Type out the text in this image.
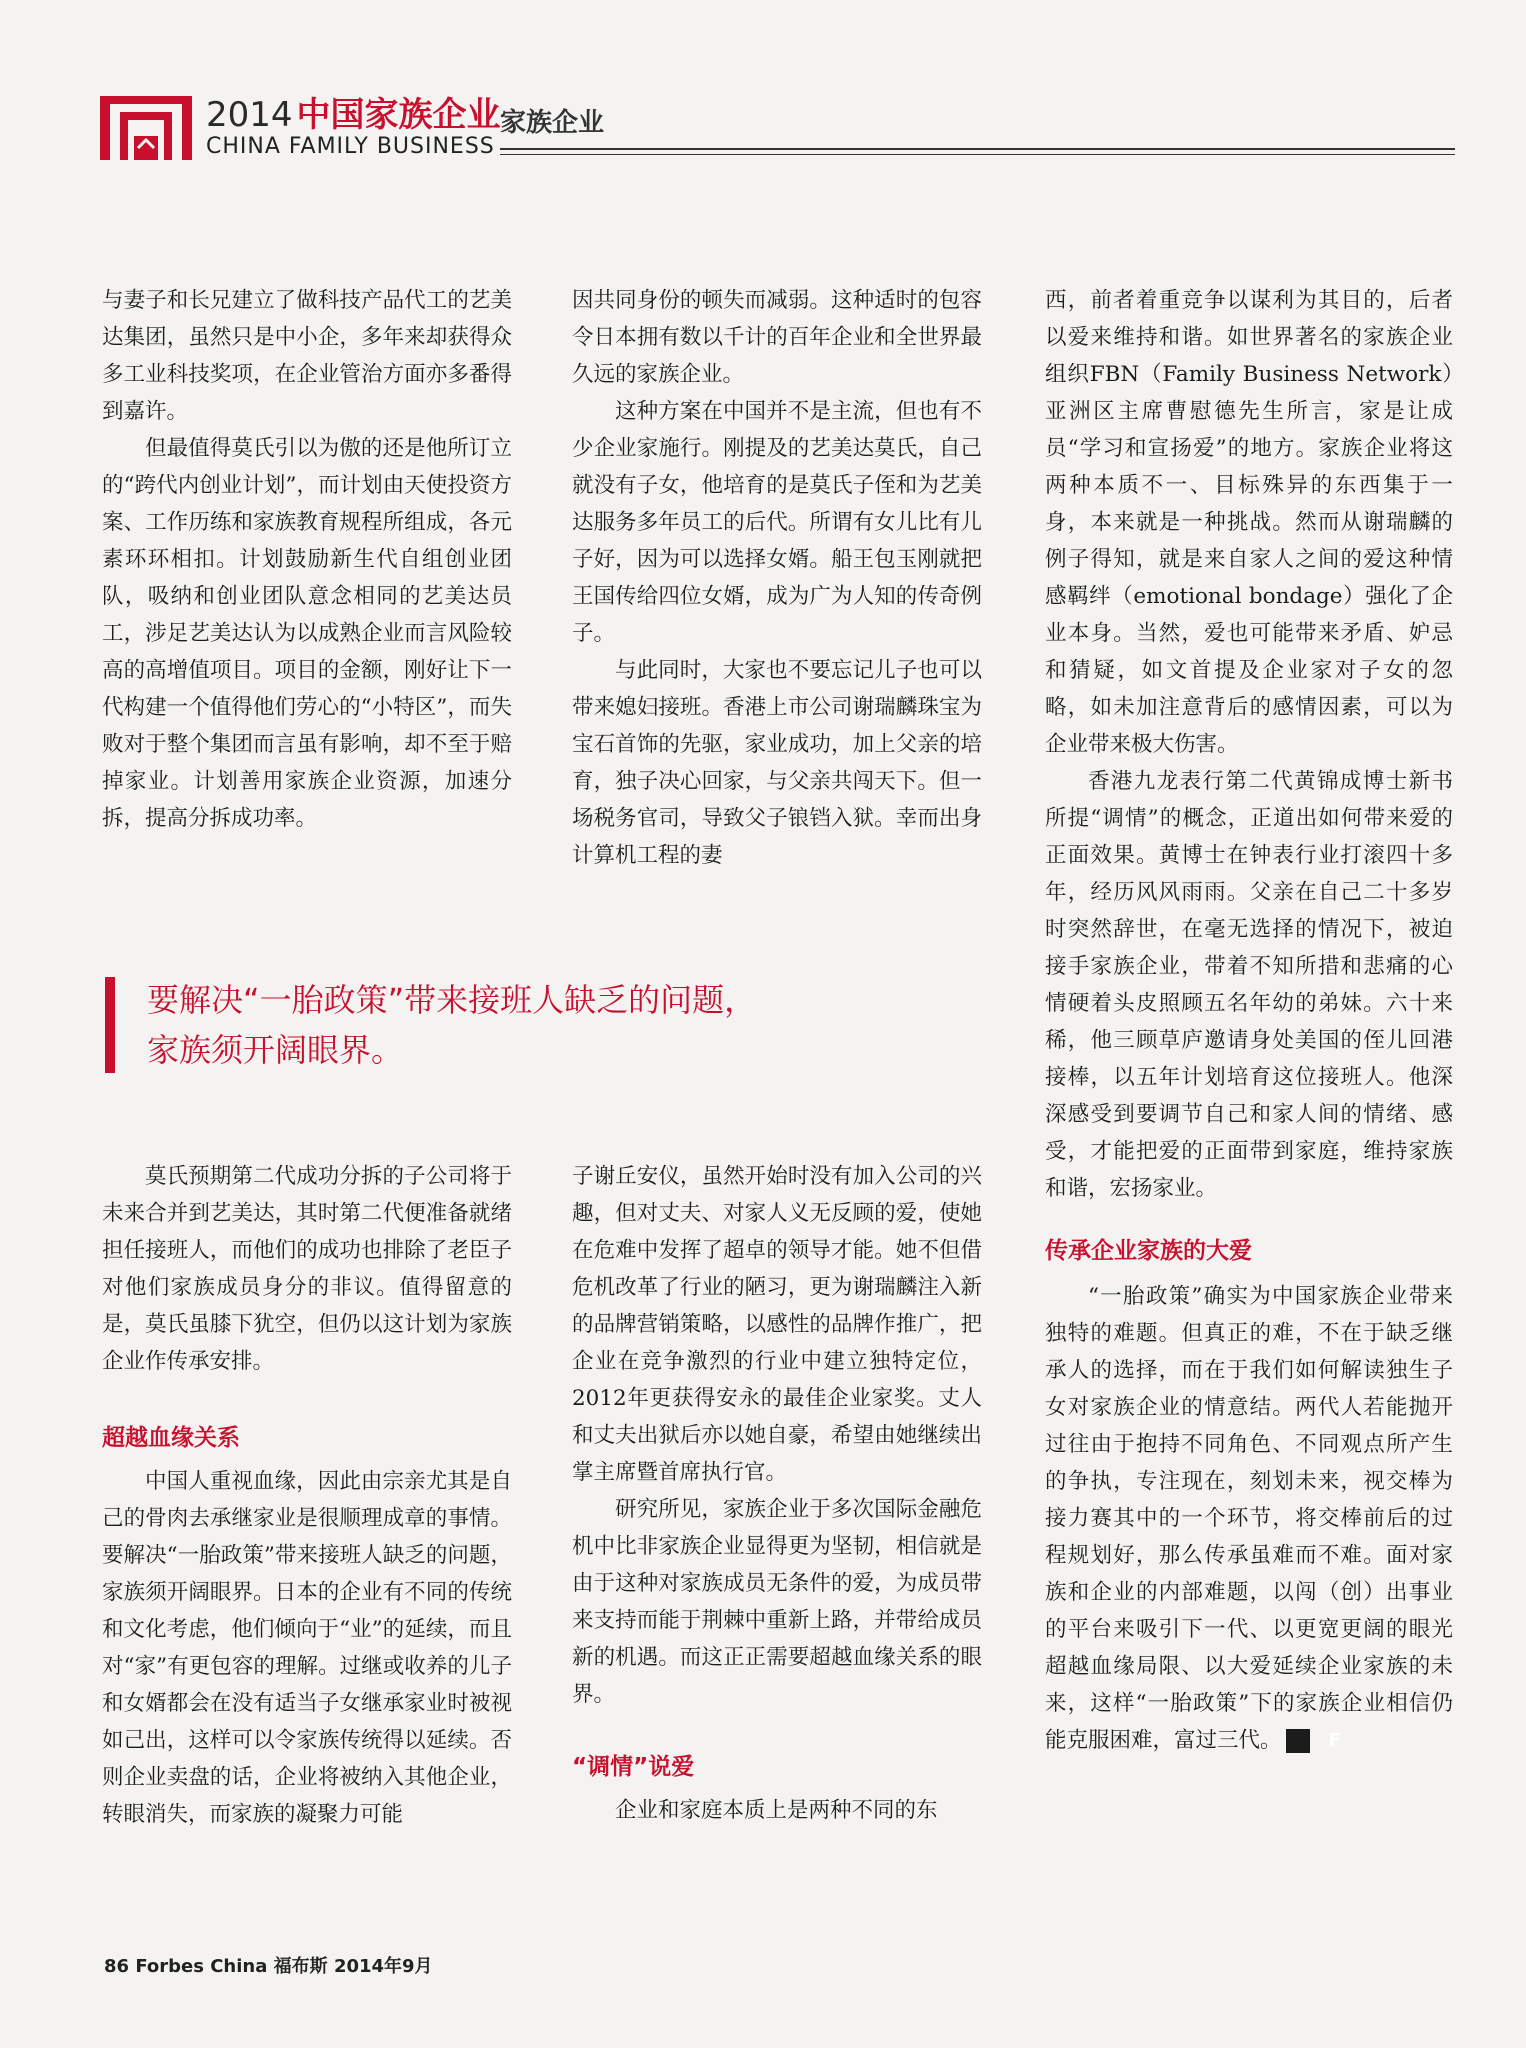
2014 中国家族企业
CHINA FAMILY BUSINESS
家族企业

与妻子和长兄建立了做科技产品代工的艺美达集团，虽然只是中小企，多年来却获得众多工业科技奖项，在企业管治方面亦多番得到嘉许。

但最值得莫氏引以为傲的还是他所订立的“跨代内创业计划”，而计划由天使投资方案、工作历练和家族教育规程所组成，各元素环环相扣。计划鼓励新生代自组创业团队，吸纳和创业团队意念相同的艺美达员工，涉足艺美达认为以成熟企业而言风险较高的高增值项目。项目的金额，刚好让下一代构建一个值得他们劳心的“小特区”，而失败对于整个集团而言虽有影响，却不至于赔掉家业。计划善用家族企业资源，加速分拆，提高分拆成功率。

因共同身份的顿失而减弱。这种适时的包容令日本拥有数以千计的百年企业和全世界最久远的家族企业。

这种方案在中国并不是主流，但也有不少企业家施行。刚提及的艺美达莫氏，自己就没有子女，他培育的是莫氏子侄和为艺美达服务多年员工的后代。所谓有女儿比有儿子好，因为可以选择女婿。船王包玉刚就把王国传给四位女婿，成为广为人知的传奇例子。

与此同时，大家也不要忘记儿子也可以带来媳妇接班。香港上市公司谢瑞麟珠宝为宝石首饰的先驱，家业成功，加上父亲的培育，独子决心回家，与父亲共闯天下。但一场税务官司，导致父子锒铛入狱。幸而出身计算机工程的妻

西，前者着重竞争以谋利为其目的，后者以爱来维持和谐。如世界著名的家族企业组织FBN（Family Business Network）亚洲区主席曹慰德先生所言，家是让成员“学习和宣扬爱”的地方。家族企业将这两种本质不一、目标殊异的东西集于一身，本来就是一种挑战。然而从谢瑞麟的例子得知，就是来自家人之间的爱这种情感羁绊（emotional bondage）强化了企业本身。当然，爱也可能带来矛盾、妒忌和猜疑，如文首提及企业家对子女的忽略，如未加注意背后的感情因素，可以为企业带来极大伤害。

香港九龙表行第二代黄锦成博士新书所提“调情”的概念，正道出如何带来爱的正面效果。黄博士在钟表行业打滚四十多年，经历风风雨雨。父亲在自己二十多岁时突然辞世，在毫无选择的情况下，被迫接手家族企业，带着不知所措和悲痛的心情硬着头皮照顾五名年幼的弟妹。六十来稀，他三顾草庐邀请身处美国的侄儿回港接棒，以五年计划培育这位接班人。他深深感受到要调节自己和家人间的情绪、感受，才能把爱的正面带到家庭，维持家族和谐，宏扬家业。

传承企业家族的大爱

“一胎政策”确实为中国家族企业带来独特的难题。但真正的难，不在于缺乏继承人的选择，而在于我们如何解读独生子女对家族企业的情意结。两代人若能抛开过往由于抱持不同角色、不同观点所产生的争执，专注现在，刻划未来，视交棒为接力赛其中的一个环节，将交棒前后的过程规划好，那么传承虽难而不难。面对家族和企业的内部难题，以闯（创）出事业的平台来吸引下一代、以更宽更阔的眼光超越血缘局限、以大爱延续企业家族的未来，这样“一胎政策”下的家族企业相信仍能克服困难，富过三代。	F

要解决“一胎政策”带来接班人缺乏的问题，
家族须开阔眼界。

莫氏预期第二代成功分拆的子公司将于未来合并到艺美达，其时第二代便准备就绪担任接班人，而他们的成功也排除了老臣子对他们家族成员身分的非议。值得留意的是，莫氏虽膝下犹空，但仍以这计划为家族企业作传承安排。

超越血缘关系

中国人重视血缘，因此由宗亲尤其是自己的骨肉去承继家业是很顺理成章的事情。要解决“一胎政策”带来接班人缺乏的问题，家族须开阔眼界。日本的企业有不同的传统和文化考虑，他们倾向于“业”的延续，而且对“家”有更包容的理解。过继或收养的儿子和女婿都会在没有适当子女继承家业时被视如己出，这样可以令家族传统得以延续。否则企业卖盘的话，企业将被纳入其他企业，转眼消失，而家族的凝聚力可能

子谢丘安仪，虽然开始时没有加入公司的兴趣，但对丈夫、对家人义无反顾的爱，使她在危难中发挥了超卓的领导才能。她不但借危机改革了行业的陋习，更为谢瑞麟注入新的品牌营销策略，以感性的品牌作推广，把企业在竞争激烈的行业中建立独特定位，2012年更获得安永的最佳企业家奖。丈人和丈夫出狱后亦以她自豪，希望由她继续出掌主席暨首席执行官。

研究所见，家族企业于多次国际金融危机中比非家族企业显得更为坚韧，相信就是由于这种对家族成员无条件的爱，为成员带来支持而能于荆棘中重新上路，并带给成员新的机遇。而这正正需要超越血缘关系的眼界。

“调情”说爱

企业和家庭本质上是两种不同的东

86 Forbes China 福布斯 2014年9月
